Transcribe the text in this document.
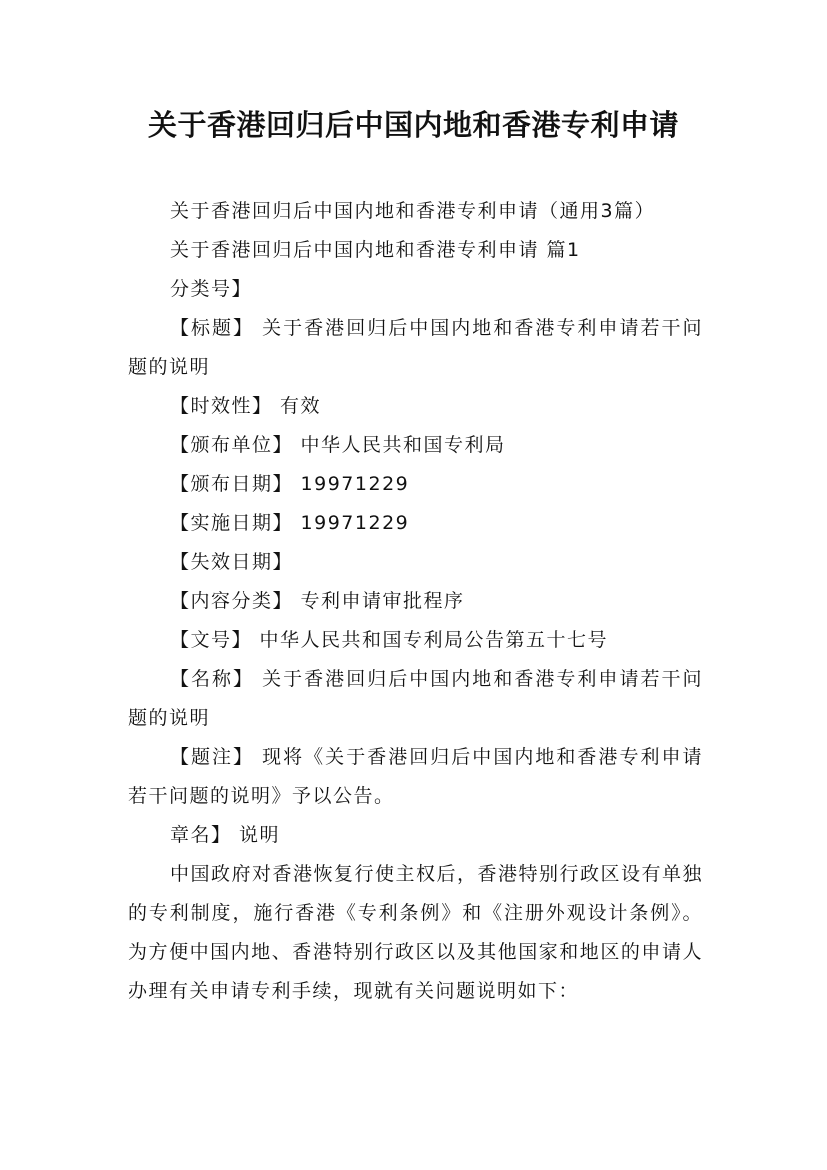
关于香港回归后中国内地和香港专利申请

关于香港回归后中国内地和香港专利申请（通用3篇）

关于香港回归后中国内地和香港专利申请 篇1

分类号】

【标题】 关于香港回归后中国内地和香港专利申请若干问题的说明

【时效性】 有效

【颁布单位】 中华人民共和国专利局

【颁布日期】 19971229

【实施日期】 19971229

【失效日期】

【内容分类】 专利申请审批程序

【文号】 中华人民共和国专利局公告第五十七号

【名称】 关于香港回归后中国内地和香港专利申请若干问题的说明

【题注】 现将《关于香港回归后中国内地和香港专利申请若干问题的说明》予以公告。

章名】 说明

中国政府对香港恢复行使主权后，香港特别行政区设有单独的专利制度，施行香港《专利条例》和《注册外观设计条例》。为方便中国内地、香港特别行政区以及其他国家和地区的申请人办理有关申请专利手续，现就有关问题说明如下：
